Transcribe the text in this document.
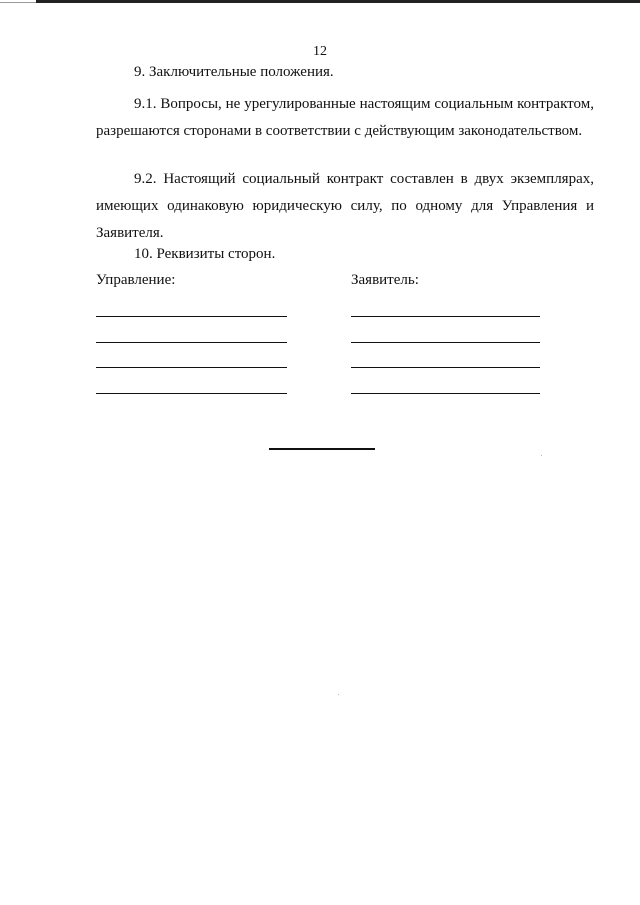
12
9. Заключительные положения.
9.1. Вопросы, не урегулированные настоящим социальным контрактом, разрешаются сторонами в соответствии с действующим законодательством.
9.2. Настоящий социальный контракт составлен в двух экземплярах, имеющих одинаковую юридическую силу, по одному для Управления и Заявителя.
10. Реквизиты сторон.
Управление:	Заявитель:
